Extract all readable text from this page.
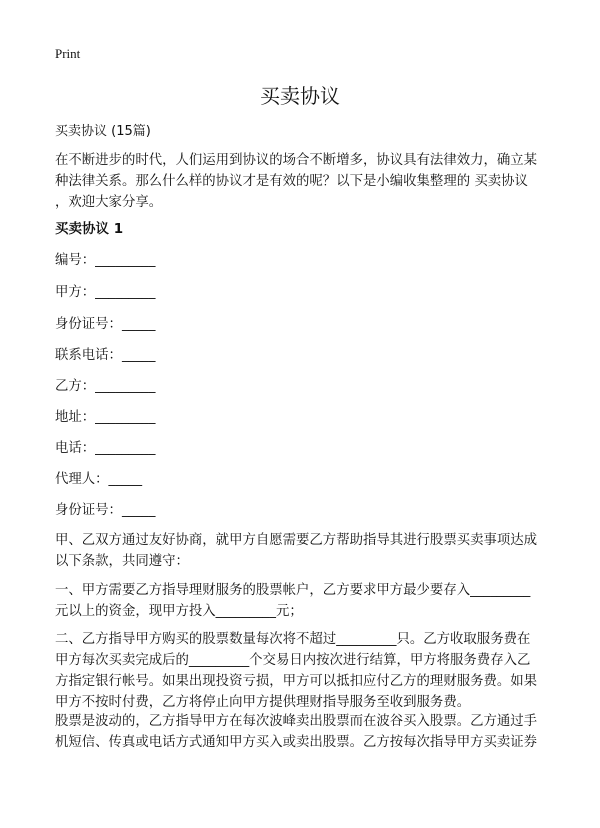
Print
买卖协议
买卖协议 (15篇)
在不断进步的时代，人们运用到协议的场合不断增多，协议具有法律效力，确立某
种法律关系。那么什么样的协议才是有效的呢？以下是小编收集整理的 买卖协议
，欢迎大家分享。
买卖协议 1
编号：_________
甲方：_________
身份证号：_____
联系电话：_____
乙方：_________
地址：_________
电话：_________
代理人：_____
身份证号：_____
甲、乙双方通过友好协商，就甲方自愿需要乙方帮助指导其进行股票买卖事项达成
以下条款，共同遵守：
一、甲方需要乙方指导理财服务的股票帐户，乙方要求甲方最少要存入_________
元以上的资金，现甲方投入_________元；
二、乙方指导甲方购买的股票数量每次将不超过_________只。乙方收取服务费在
甲方每次买卖完成后的_________个交易日内按次进行结算，甲方将服务费存入乙
方指定银行帐号。如果出现投资亏损，甲方可以抵扣应付乙方的理财服务费。如果
甲方不按时付费，乙方将停止向甲方提供理财指导服务至收到服务费。
股票是波动的，乙方指导甲方在每次波峰卖出股票而在波谷买入股票。乙方通过手
机短信、传真或电话方式通知甲方买入或卖出股票。乙方按每次指导甲方买卖证券
